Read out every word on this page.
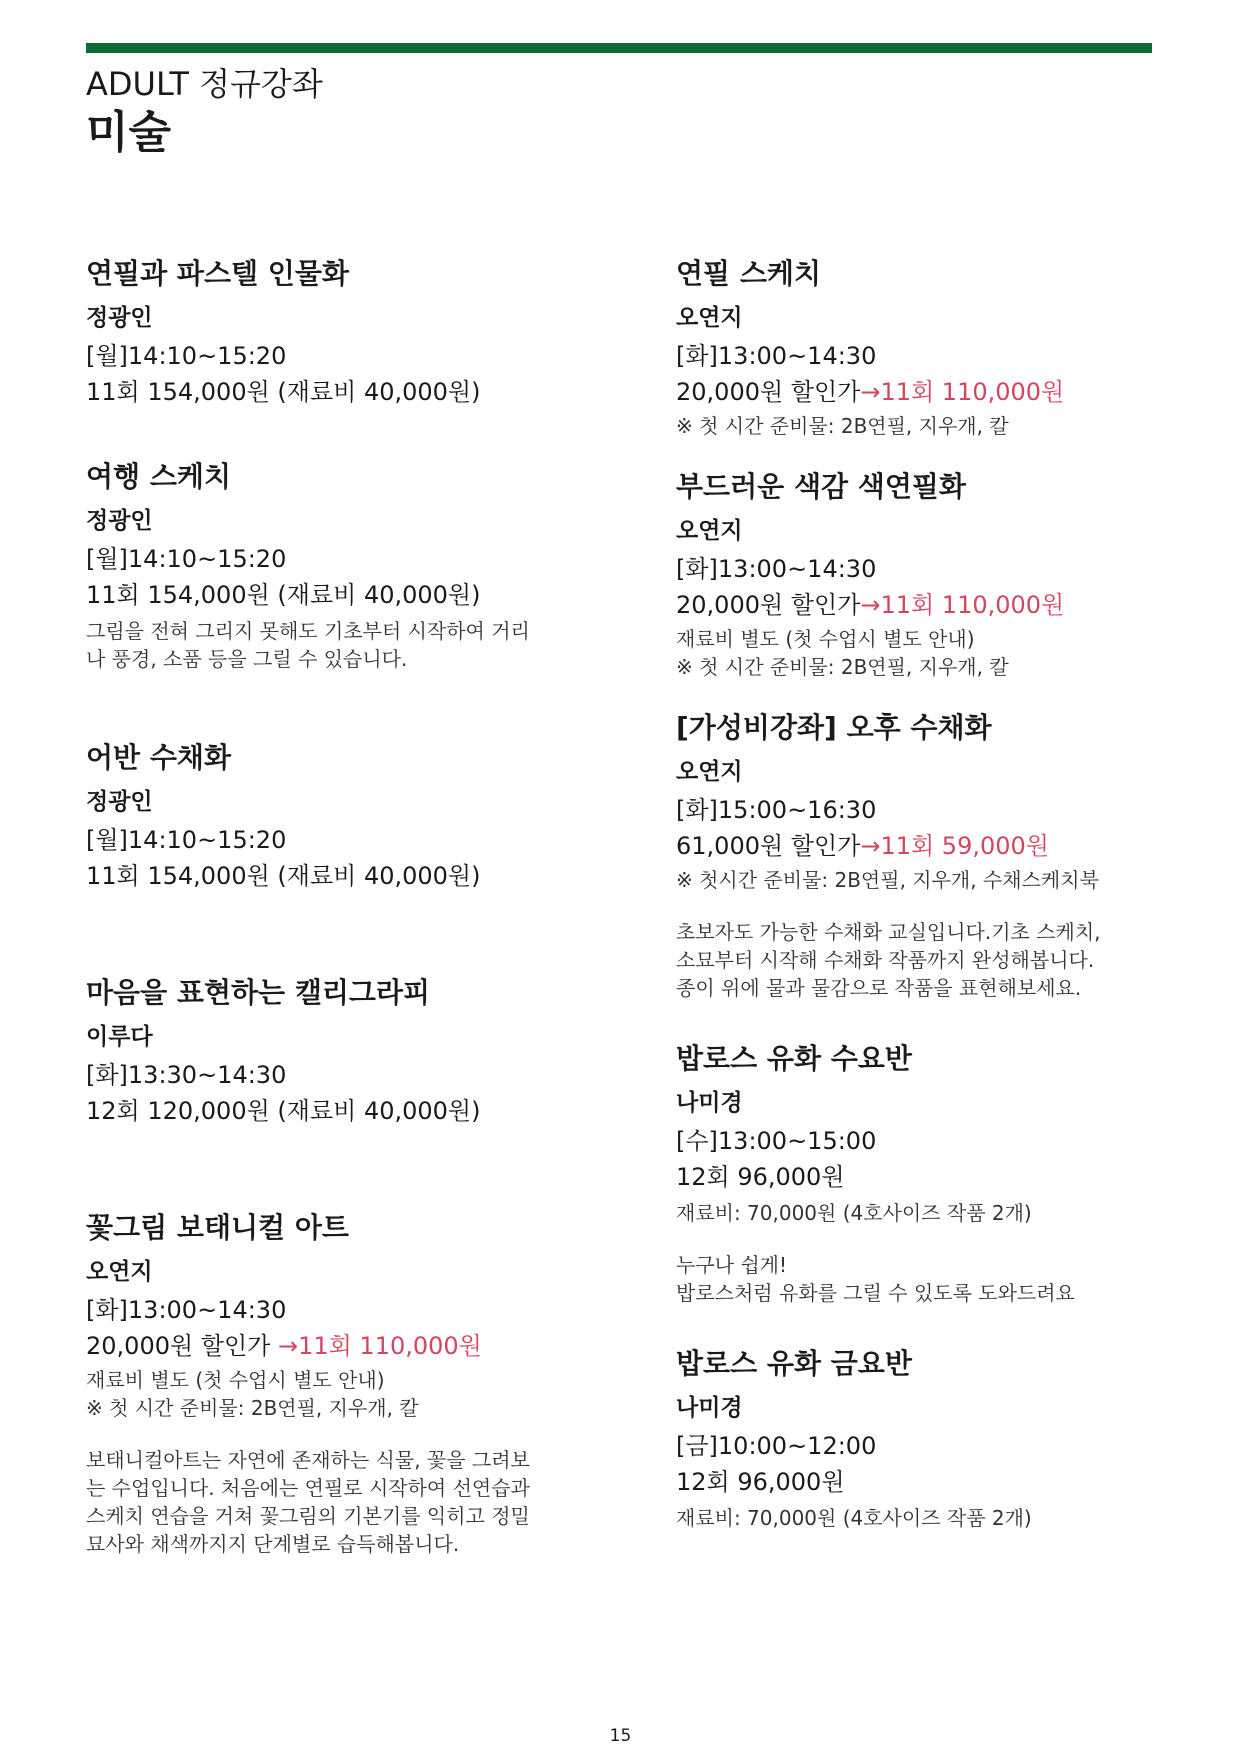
ADULT 정규강좌
미술
연필과 파스텔 인물화
정광인
[월]14:10~15:20
11회 154,000원 (재료비 40,000원)
여행 스케치
정광인
[월]14:10~15:20
11회 154,000원 (재료비 40,000원)
그림을 전혀 그리지 못해도 기초부터 시작하여 거리
나 풍경, 소품 등을 그릴 수 있습니다.
어반 수채화
정광인
[월]14:10~15:20
11회 154,000원 (재료비 40,000원)
마음을 표현하는 캘리그라피
이루다
[화]13:30~14:30
12회 120,000원 (재료비 40,000원)
꽃그림 보태니컬 아트
오연지
[화]13:00~14:30
20,000원 할인가 →11회 110,000원
재료비 별도 (첫 수업시 별도 안내)
※ 첫 시간 준비물: 2B연필, 지우개, 칼
보태니컬아트는 자연에 존재하는 식물, 꽃을 그려보
는 수업입니다. 처음에는 연필로 시작하여 선연습과
스케치 연습을 거쳐 꽃그림의 기본기를 익히고 정밀
묘사와 채색까지지 단계별로 습득해봅니다.
연필 스케치
오연지
[화]13:00~14:30
20,000원 할인가→11회 110,000원
※ 첫 시간 준비물: 2B연필, 지우개, 칼
부드러운 색감 색연필화
오연지
[화]13:00~14:30
20,000원 할인가→11회 110,000원
재료비 별도 (첫 수업시 별도 안내)
※ 첫 시간 준비물: 2B연필, 지우개, 칼
[가성비강좌] 오후 수채화
오연지
[화]15:00~16:30
61,000원 할인가→11회 59,000원
※ 첫시간 준비물: 2B연필, 지우개, 수채스케치북
초보자도 가능한 수채화 교실입니다.기초 스케치,
소묘부터 시작해 수채화 작품까지 완성해봅니다.
종이 위에 물과 물감으로 작품을 표현해보세요.
밥로스 유화 수요반
나미경
[수]13:00~15:00
12회 96,000원
재료비: 70,000원 (4호사이즈 작품 2개)
누구나 쉽게!
밥로스처럼 유화를 그릴 수 있도록 도와드려요
밥로스 유화 금요반
나미경
[금]10:00~12:00
12회 96,000원
재료비: 70,000원 (4호사이즈 작품 2개)
15
